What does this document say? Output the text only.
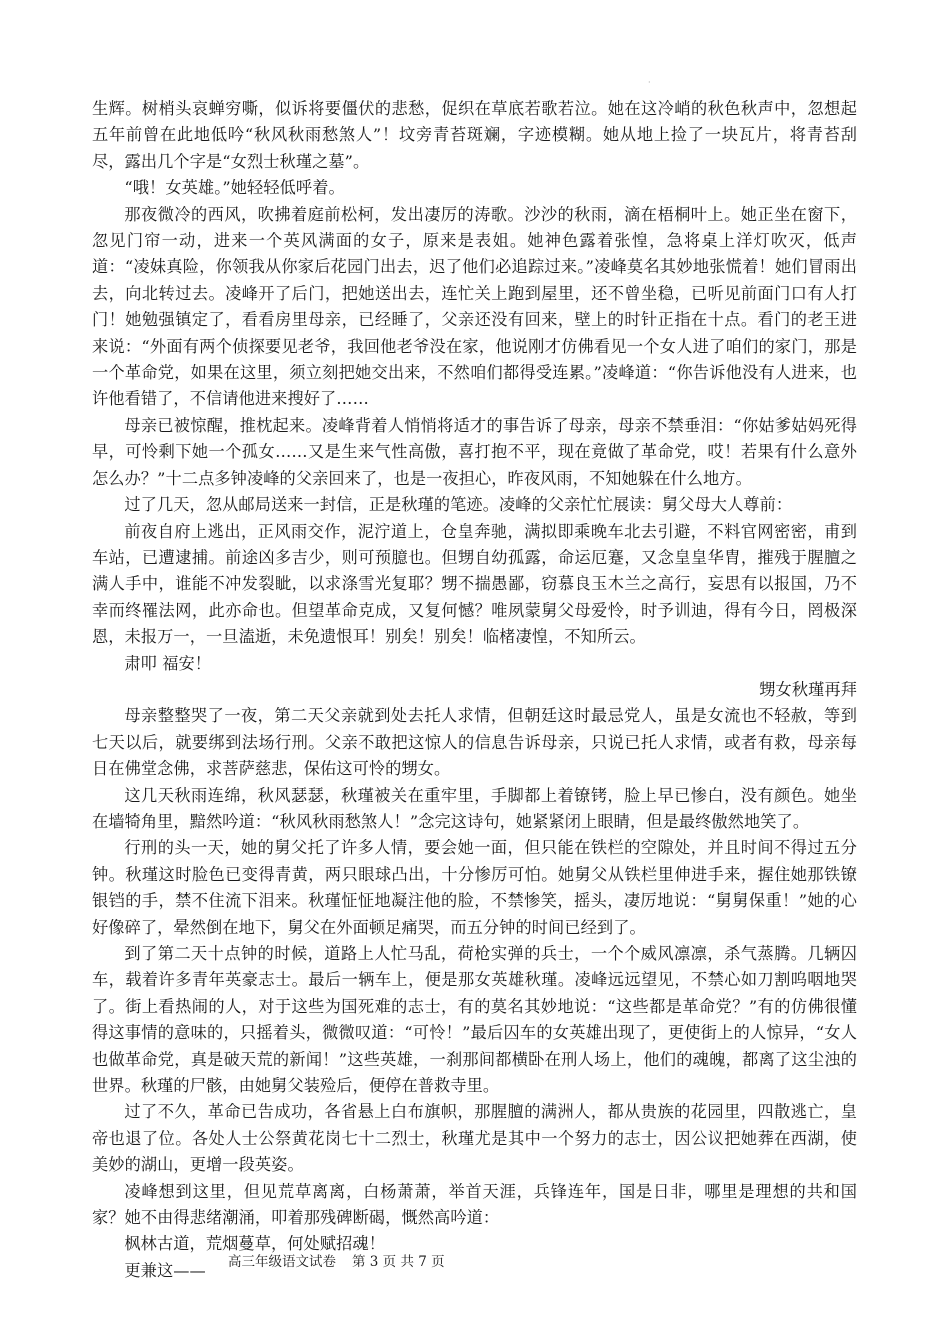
·

生辉。树梢头哀蝉穷嘶，似诉将要僵伏的悲愁，促织在草底若歌若泣。她在这冷峭的秋色秋声中，忽想起五年前曾在此地低吟“秋风秋雨愁煞人”！坟旁青苔斑斓，字迹模糊。她从地上捡了一块瓦片，将青苔刮尽，露出几个字是“女烈士秋瑾之墓”。

“哦！女英雄。”她轻轻低呼着。

那夜微冷的西风，吹拂着庭前松柯，发出凄厉的涛歌。沙沙的秋雨，滴在梧桐叶上。她正坐在窗下，忽见门帘一动，进来一个英风满面的女子，原来是表姐。她神色露着张惶，急将桌上洋灯吹灭，低声道：“凌妹真险，你领我从你家后花园门出去，迟了他们必追踪过来。”凌峰莫名其妙地张慌着！她们冒雨出去，向北转过去。凌峰开了后门，把她送出去，连忙关上跑到屋里，还不曾坐稳，已听见前面门口有人打门！她勉强镇定了，看看房里母亲，已经睡了，父亲还没有回来，壁上的时针正指在十点。看门的老王进来说：“外面有两个侦探要见老爷，我回他老爷没在家，他说刚才仿佛看见一个女人进了咱们的家门，那是一个革命党，如果在这里，须立刻把她交出来，不然咱们都得受连累。”凌峰道：“你告诉他没有人进来，也许他看错了，不信请他进来搜好了……

母亲已被惊醒，推枕起来。凌峰背着人悄悄将适才的事告诉了母亲，母亲不禁垂泪：“你姑爹姑妈死得早，可怜剩下她一个孤女……又是生来气性高傲，喜打抱不平，现在竟做了革命党，哎！若果有什么意外怎么办？”十二点多钟凌峰的父亲回来了，也是一夜担心，昨夜风雨，不知她躲在什么地方。

过了几天，忽从邮局送来一封信，正是秋瑾的笔迹。凌峰的父亲忙忙展读：舅父母大人尊前：

前夜自府上逃出，正风雨交作，泥泞道上，仓皇奔驰，满拟即乘晚车北去引避，不料官网密密，甫到车站，已遭逮捕。前途凶多吉少，则可预臆也。但甥自幼孤露，命运厄蹇，又念皇皇华胄，摧残于腥膻之满人手中，谁能不冲发裂眦，以求涤雪光复耶？甥不揣愚鄙，窃慕良玉木兰之高行，妄思有以报国，乃不幸而终罹法网，此亦命也。但望革命克成，又复何憾？唯夙蒙舅父母爱怜，时予训迪，得有今日，罔极深恩，未报万一，一旦溘逝，未免遗恨耳！别矣！别矣！临楮凄惶，不知所云。

肃叩 福安！

甥女秋瑾再拜

母亲整整哭了一夜，第二天父亲就到处去托人求情，但朝廷这时最忌党人，虽是女流也不轻赦，等到七天以后，就要绑到法场行刑。父亲不敢把这惊人的信息告诉母亲，只说已托人求情，或者有救，母亲每日在佛堂念佛，求菩萨慈悲，保佑这可怜的甥女。

这几天秋雨连绵，秋风瑟瑟，秋瑾被关在重牢里，手脚都上着镣铐，脸上早已惨白，没有颜色。她坐在墙犄角里，黯然吟道：“秋风秋雨愁煞人！”念完这诗句，她紧紧闭上眼睛，但是最终傲然地笑了。

行刑的头一天，她的舅父托了许多人情，要会她一面，但只能在铁栏的空隙处，并且时间不得过五分钟。秋瑾这时脸色已变得青黄，两只眼球凸出，十分惨厉可怕。她舅父从铁栏里伸进手来，握住她那铁镣银铛的手，禁不住流下泪来。秋瑾怔怔地凝注他的脸，不禁惨笑，摇头，凄厉地说：“舅舅保重！”她的心好像碎了，晕然倒在地下，舅父在外面顿足痛哭，而五分钟的时间已经到了。

到了第二天十点钟的时候，道路上人忙马乱，荷枪实弹的兵士，一个个威风凛凛，杀气蒸腾。几辆囚车，载着许多青年英豪志士。最后一辆车上，便是那女英雄秋瑾。凌峰远远望见，不禁心如刀割呜咽地哭了。街上看热闹的人，对于这些为国死难的志士，有的莫名其妙地说：“这些都是革命党？”有的仿佛很懂得这事情的意味的，只摇着头，微微叹道：“可怜！”最后囚车的女英雄出现了，更使街上的人惊异，“女人也做革命党，真是破天荒的新闻！”这些英雄，一刹那间都横卧在刑人场上，他们的魂魄，都离了这尘浊的世界。秋瑾的尸骸，由她舅父装殓后，便停在普救寺里。

过了不久，革命已告成功，各省悬上白布旗帜，那腥膻的满洲人，都从贵族的花园里，四散逃亡，皇帝也退了位。各处人士公祭黄花岗七十二烈士，秋瑾尤是其中一个努力的志士，因公议把她葬在西湖，使美妙的湖山，更增一段英姿。

凌峰想到这里，但见荒草离离，白杨萧萧，举首天涯，兵锋连年，国是日非，哪里是理想的共和国家？她不由得悲绪潮涌，叩着那残碑断碣，慨然高吟道：

枫林古道，荒烟蔓草，何处赋招魂！

更兼这——	高三年级语文试卷 第 3 页 共 7 页
